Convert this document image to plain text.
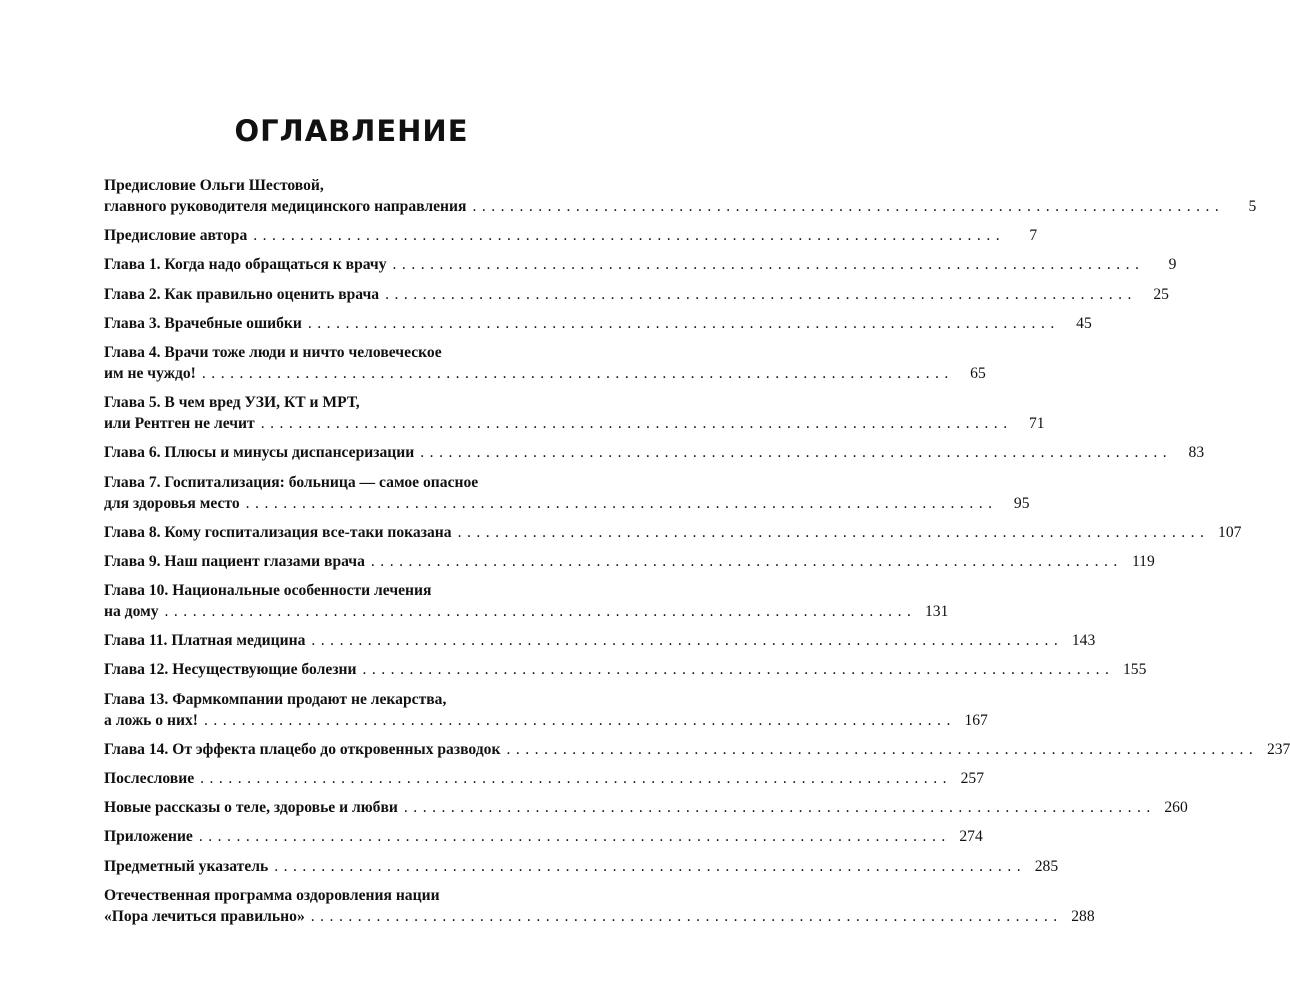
ОГЛАВЛЕНИЕ
Предисловие Ольги Шестовой,
главного руководителя медицинского направления ................................................................................	5
Предисловие автора ................................................................................	7
Глава 1. Когда надо обращаться к врачу ................................................................................	9
Глава 2. Как правильно оценить врача ................................................................................	25
Глава 3. Врачебные ошибки ................................................................................	45
Глава 4. Врачи тоже люди и ничто человеческое
им не чуждо! ................................................................................	65
Глава 5. В чем вред УЗИ, КТ и МРТ,
или Рентген не лечит ................................................................................	71
Глава 6. Плюсы и минусы диспансеризации ................................................................................	83
Глава 7. Госпитализация: больница — самое опасное
для здоровья место ................................................................................	95
Глава 8. Кому госпитализация все-таки показана ................................................................................ 107
Глава 9. Наш пациент глазами врача ................................................................................ 119
Глава 10. Национальные особенности лечения
на дому ................................................................................ 131
Глава 11. Платная медицина ................................................................................ 143
Глава 12. Несуществующие болезни ................................................................................ 155
Глава 13. Фармкомпании продают не лекарства,
а ложь о них! ................................................................................ 167
Глава 14. От эффекта плацебо до откровенных разводок ................................................................................ 237
Послесловие ................................................................................ 257
Новые рассказы о теле, здоровье и любви ................................................................................ 260
Приложение ................................................................................ 274
Предметный указатель ................................................................................ 285
Отечественная программа оздоровления нации
«Пора лечиться правильно» ................................................................................ 288
